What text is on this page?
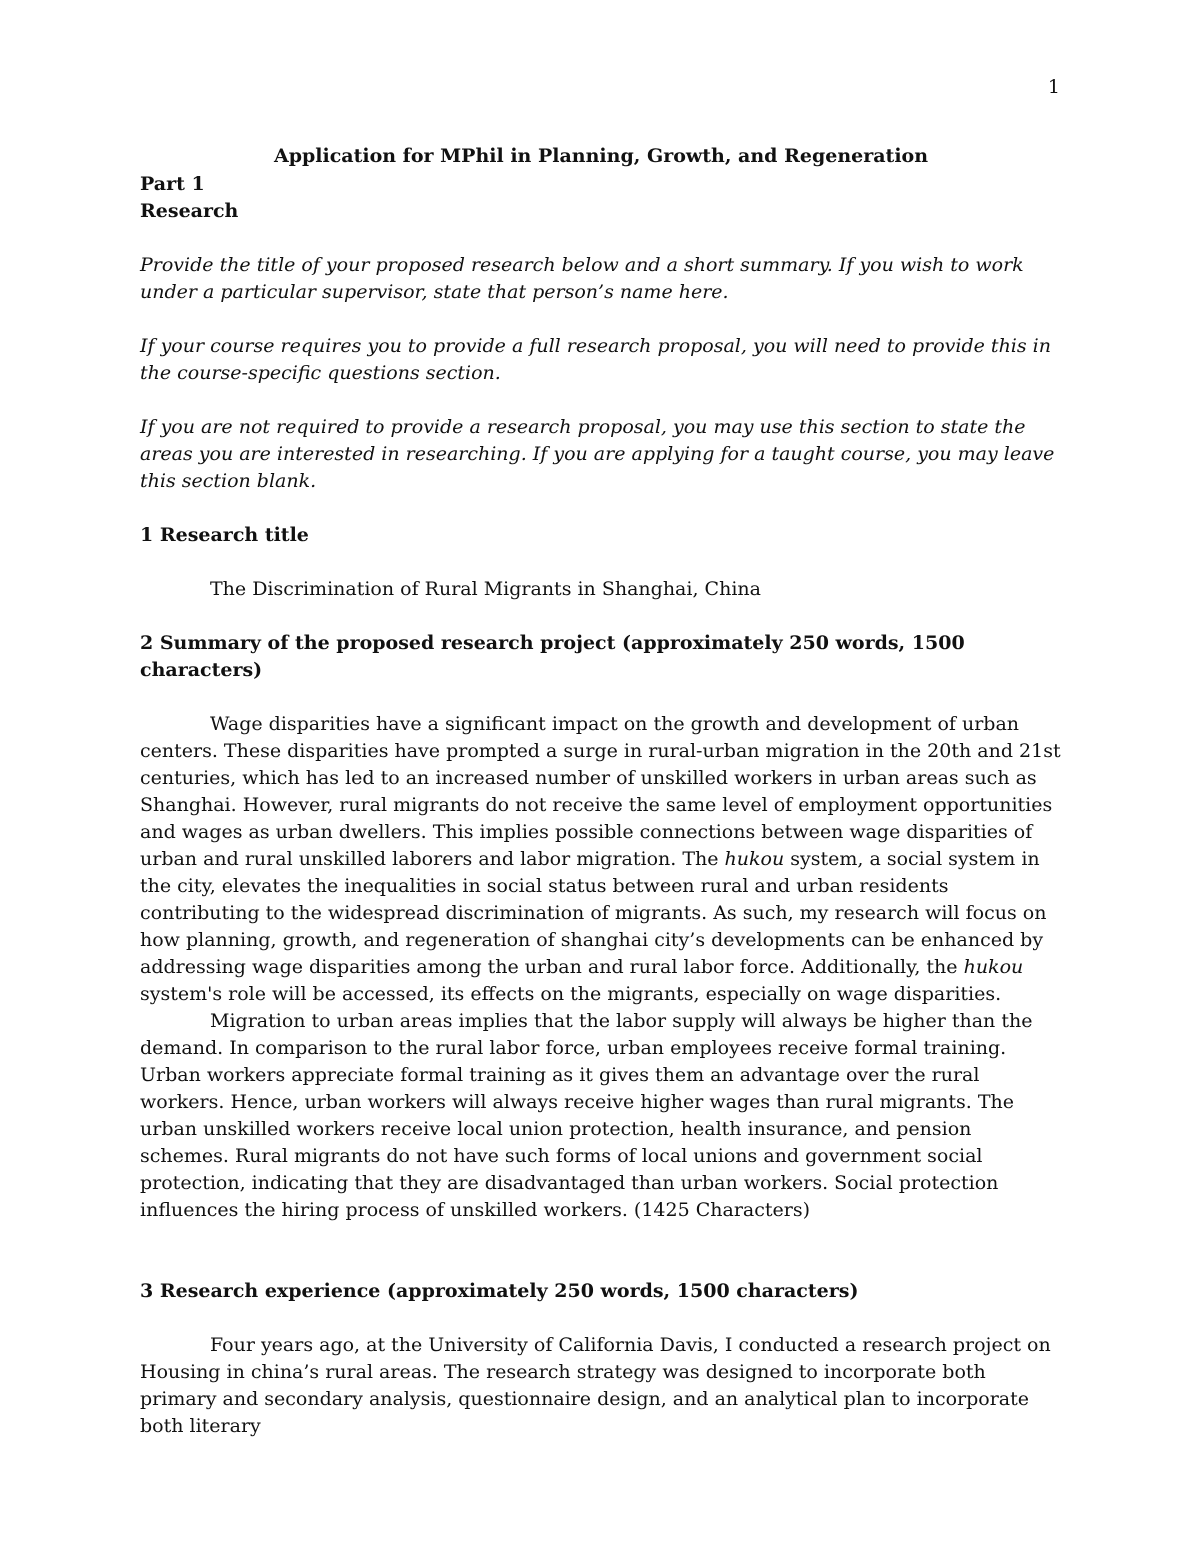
1

Application for MPhil in Planning, Growth, and Regeneration

Part 1

Research

Provide the title of your proposed research below and a short summary. If you wish to work under a particular supervisor, state that person’s name here.

If your course requires you to provide a full research proposal, you will need to provide this in the course-specific questions section.

If you are not required to provide a research proposal, you may use this section to state the areas you are interested in researching. If you are applying for a taught course, you may leave this section blank.

1 Research title

The Discrimination of Rural Migrants in Shanghai, China

2 Summary of the proposed research project (approximately 250 words, 1500 characters)

Wage disparities have a significant impact on the growth and development of urban centers. These disparities have prompted a surge in rural-urban migration in the 20th and 21st centuries, which has led to an increased number of unskilled workers in urban areas such as Shanghai. However, rural migrants do not receive the same level of employment opportunities and wages as urban dwellers. This implies possible connections between wage disparities of urban and rural unskilled laborers and labor migration. The hukou system, a social system in the city, elevates the inequalities in social status between rural and urban residents contributing to the widespread discrimination of migrants. As such, my research will focus on how planning, growth, and regeneration of shanghai city’s developments can be enhanced by addressing wage disparities among the urban and rural labor force. Additionally, the hukou system's role will be accessed, its effects on the migrants, especially on wage disparities.

Migration to urban areas implies that the labor supply will always be higher than the demand. In comparison to the rural labor force, urban employees receive formal training. Urban workers appreciate formal training as it gives them an advantage over the rural workers. Hence, urban workers will always receive higher wages than rural migrants. The urban unskilled workers receive local union protection, health insurance, and pension schemes. Rural migrants do not have such forms of local unions and government social protection, indicating that they are disadvantaged than urban workers. Social protection influences the hiring process of unskilled workers. (1425 Characters)

3 Research experience (approximately 250 words, 1500 characters)

Four years ago, at the University of California Davis, I conducted a research project on Housing in china’s rural areas. The research strategy was designed to incorporate both primary and secondary analysis, questionnaire design, and an analytical plan to incorporate both literary
